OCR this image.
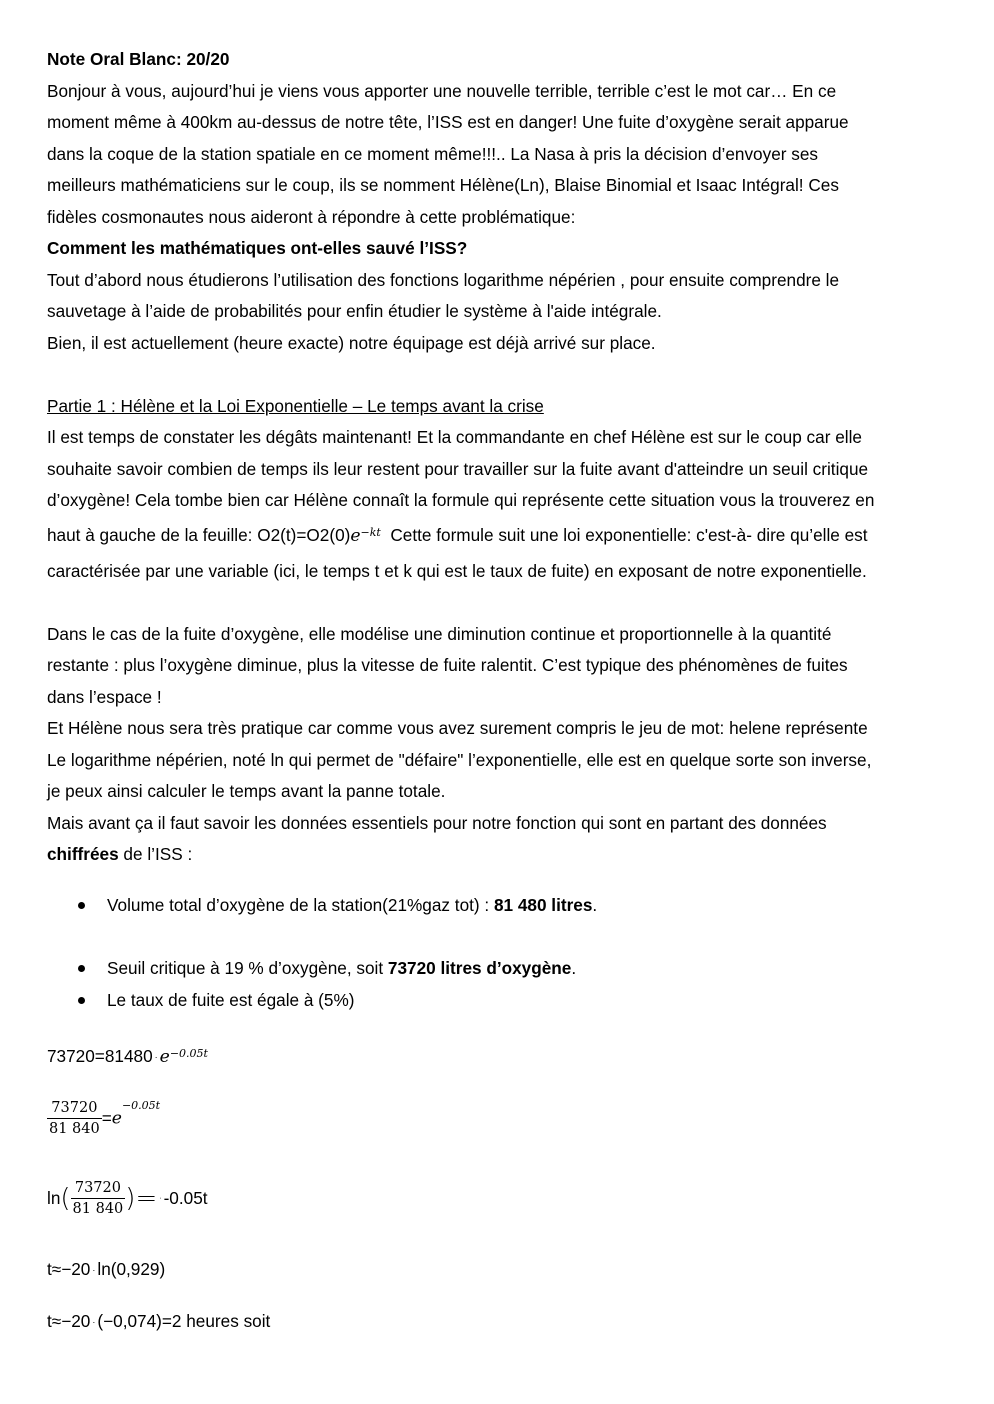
Note Oral Blanc: 20/20
Bonjour à vous, aujourd’hui je viens vous apporter une nouvelle terrible, terrible c’est le mot car… En ce
moment même à 400km au-dessus de notre tête, l’ISS est en danger! Une fuite d’oxygène serait apparue
dans la coque de la station spatiale en ce moment même!!!.. La Nasa à pris la décision d’envoyer ses
meilleurs mathématiciens sur le coup, ils se nomment Hélène(Ln), Blaise Binomial et Isaac Intégral! Ces
fidèles cosmonautes nous aideront à répondre à cette problématique:
Comment les mathématiques ont-elles sauvé l’ISS?
Tout d’abord nous étudierons l’utilisation des fonctions logarithme népérien , pour ensuite comprendre le
sauvetage à l’aide de probabilités pour enfin étudier le système à l'aide intégrale.
Bien, il est actuellement (heure exacte) notre équipage est déjà arrivé sur place.
Partie 1 : Hélène et la Loi Exponentielle – Le temps avant la crise
Il est temps de constater les dégâts maintenant! Et la commandante en chef Hélène est sur le coup car elle
souhaite savoir combien de temps ils leur restent pour travailler sur la fuite avant d'atteindre un seuil critique
d’oxygène! Cela tombe bien car Hélène connaît la formule qui représente cette situation vous la trouverez en
haut à gauche de la feuille: $O2(t)=O2(0)e^{-kt}$  Cette formule suit une loi exponentielle: c'est-à- dire qu’elle est
caractérisée par une variable (ici, le temps t et k qui est le taux de fuite) en exposant de notre exponentielle.
Dans le cas de la fuite d’oxygène, elle modélise une diminution continue et proportionnelle à la quantité
restante : plus l’oxygène diminue, plus la vitesse de fuite ralentit. C’est typique des phénomènes de fuites
dans l’espace !
Et Hélène nous sera très pratique car comme vous avez surement compris le jeu de mot: helene représente
Le logarithme népérien, noté ln qui permet de "défaire" l’exponentielle, elle est en quelque sorte son inverse,
je peux ainsi calculer le temps avant la panne totale.
Mais avant ça il faut savoir les données essentiels pour notre fonction qui sont en partant des données
chiffrées de l’ISS :
Volume total d’oxygène de la station(21%gaz tot) : 81 480 litres.
Seuil critique à 19 % d’oxygène, soit 73720 litres d’oxygène.
Le taux de fuite est égale à (5%)
$73720=81480 \cdot e^{-0.05t}$
$\frac{73720}{81 840} =e^{-0.05t}$
$\ln( \frac{73720}{81 840}$ )= · -0.05t
t≈−20 · ln(0,929)
t≈−20 · (−0,074)=2 heures soit
